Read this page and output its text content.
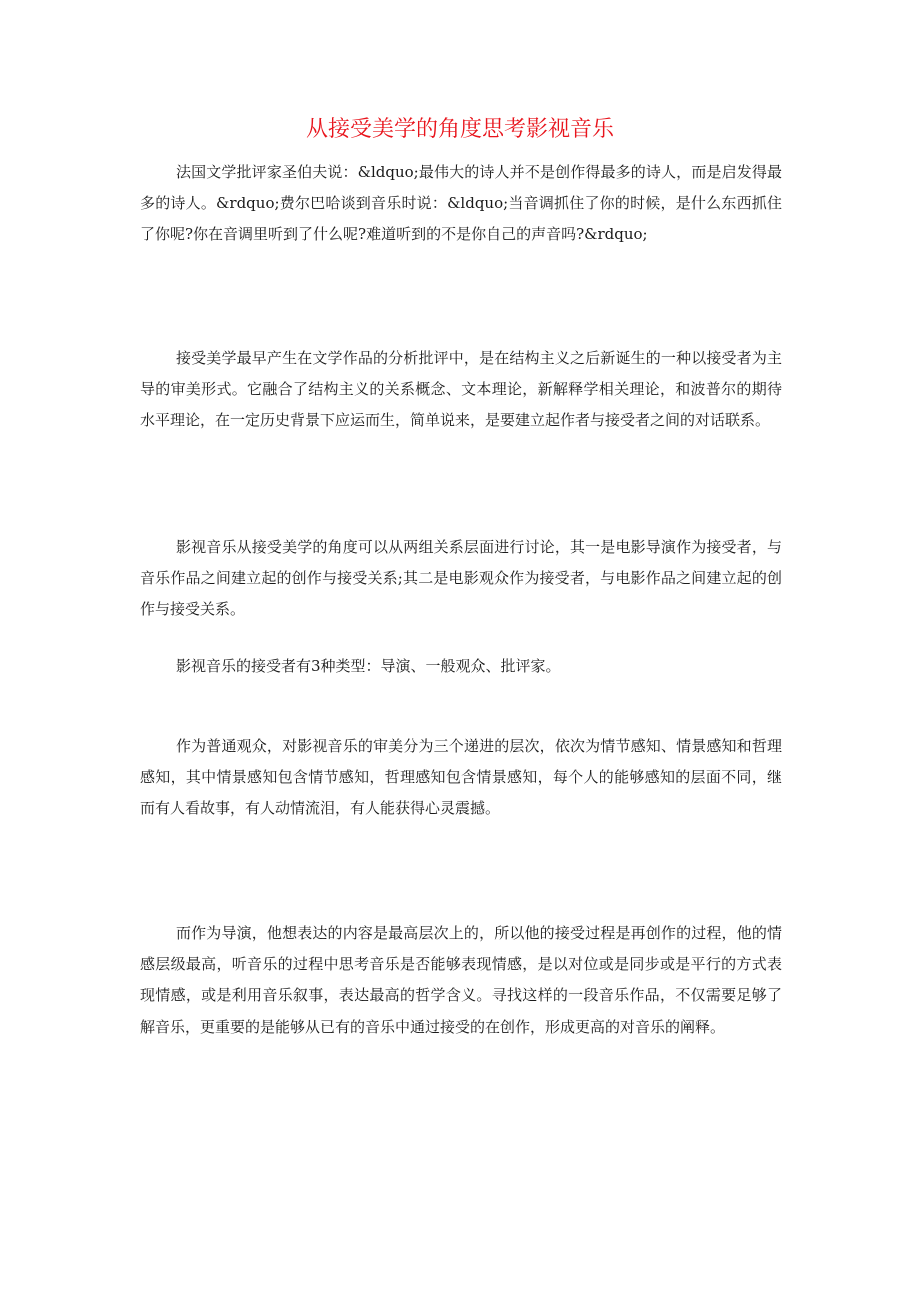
从接受美学的角度思考影视音乐

法国文学批评家圣伯夫说：&ldquo;最伟大的诗人并不是创作得最多的诗人，而是启发得最多的诗人。&rdquo;费尔巴哈谈到音乐时说：&ldquo;当音调抓住了你的时候，是什么东西抓住了你呢?你在音调里听到了什么呢?难道听到的不是你自己的声音吗?&rdquo;

接受美学最早产生在文学作品的分析批评中，是在结构主义之后新诞生的一种以接受者为主导的审美形式。它融合了结构主义的关系概念、文本理论，新解释学相关理论，和波普尔的期待水平理论，在一定历史背景下应运而生，简单说来，是要建立起作者与接受者之间的对话联系。

影视音乐从接受美学的角度可以从两组关系层面进行讨论，其一是电影导演作为接受者，与音乐作品之间建立起的创作与接受关系;其二是电影观众作为接受者，与电影作品之间建立起的创作与接受关系。

影视音乐的接受者有3种类型：导演、一般观众、批评家。

作为普通观众，对影视音乐的审美分为三个递进的层次，依次为情节感知、情景感知和哲理感知，其中情景感知包含情节感知，哲理感知包含情景感知，每个人的能够感知的层面不同，继而有人看故事，有人动情流泪，有人能获得心灵震撼。

而作为导演，他想表达的内容是最高层次上的，所以他的接受过程是再创作的过程，他的情感层级最高，听音乐的过程中思考音乐是否能够表现情感，是以对位或是同步或是平行的方式表现情感，或是利用音乐叙事，表达最高的哲学含义。寻找这样的一段音乐作品，不仅需要足够了解音乐，更重要的是能够从已有的音乐中通过接受的在创作，形成更高的对音乐的阐释。
